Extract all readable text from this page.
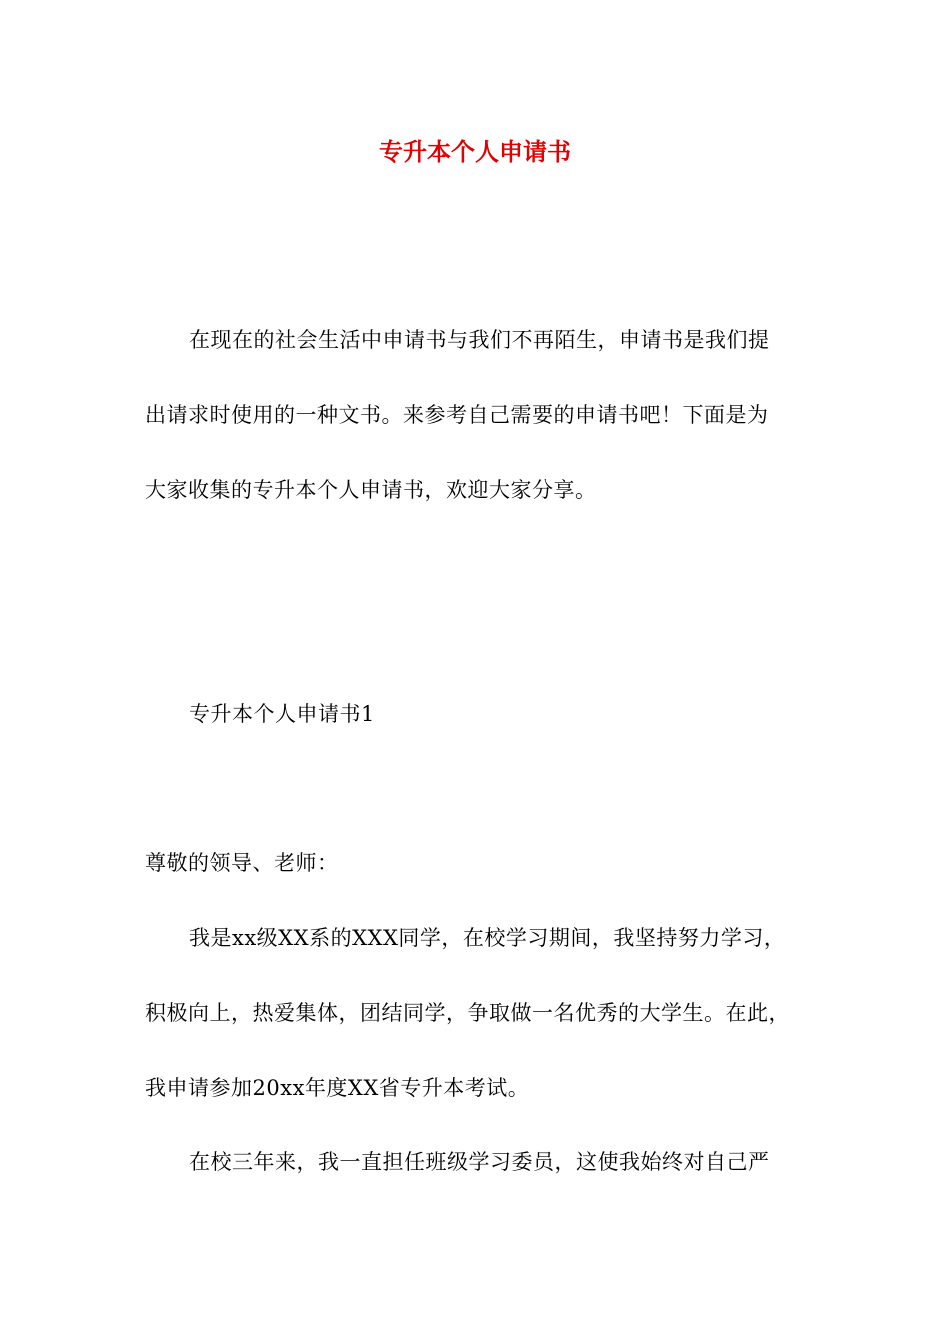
专升本个人申请书
在现在的社会生活中申请书与我们不再陌生，申请书是我们提
出请求时使用的一种文书。来参考自己需要的申请书吧！下面是为
大家收集的专升本个人申请书，欢迎大家分享。
专升本个人申请书1
尊敬的领导、老师：
我是xx级XX系的XXX同学，在校学习期间，我坚持努力学习，
积极向上，热爱集体，团结同学，争取做一名优秀的大学生。在此，
我申请参加20xx年度XX省专升本考试。
在校三年来，我一直担任班级学习委员，这使我始终对自己严
